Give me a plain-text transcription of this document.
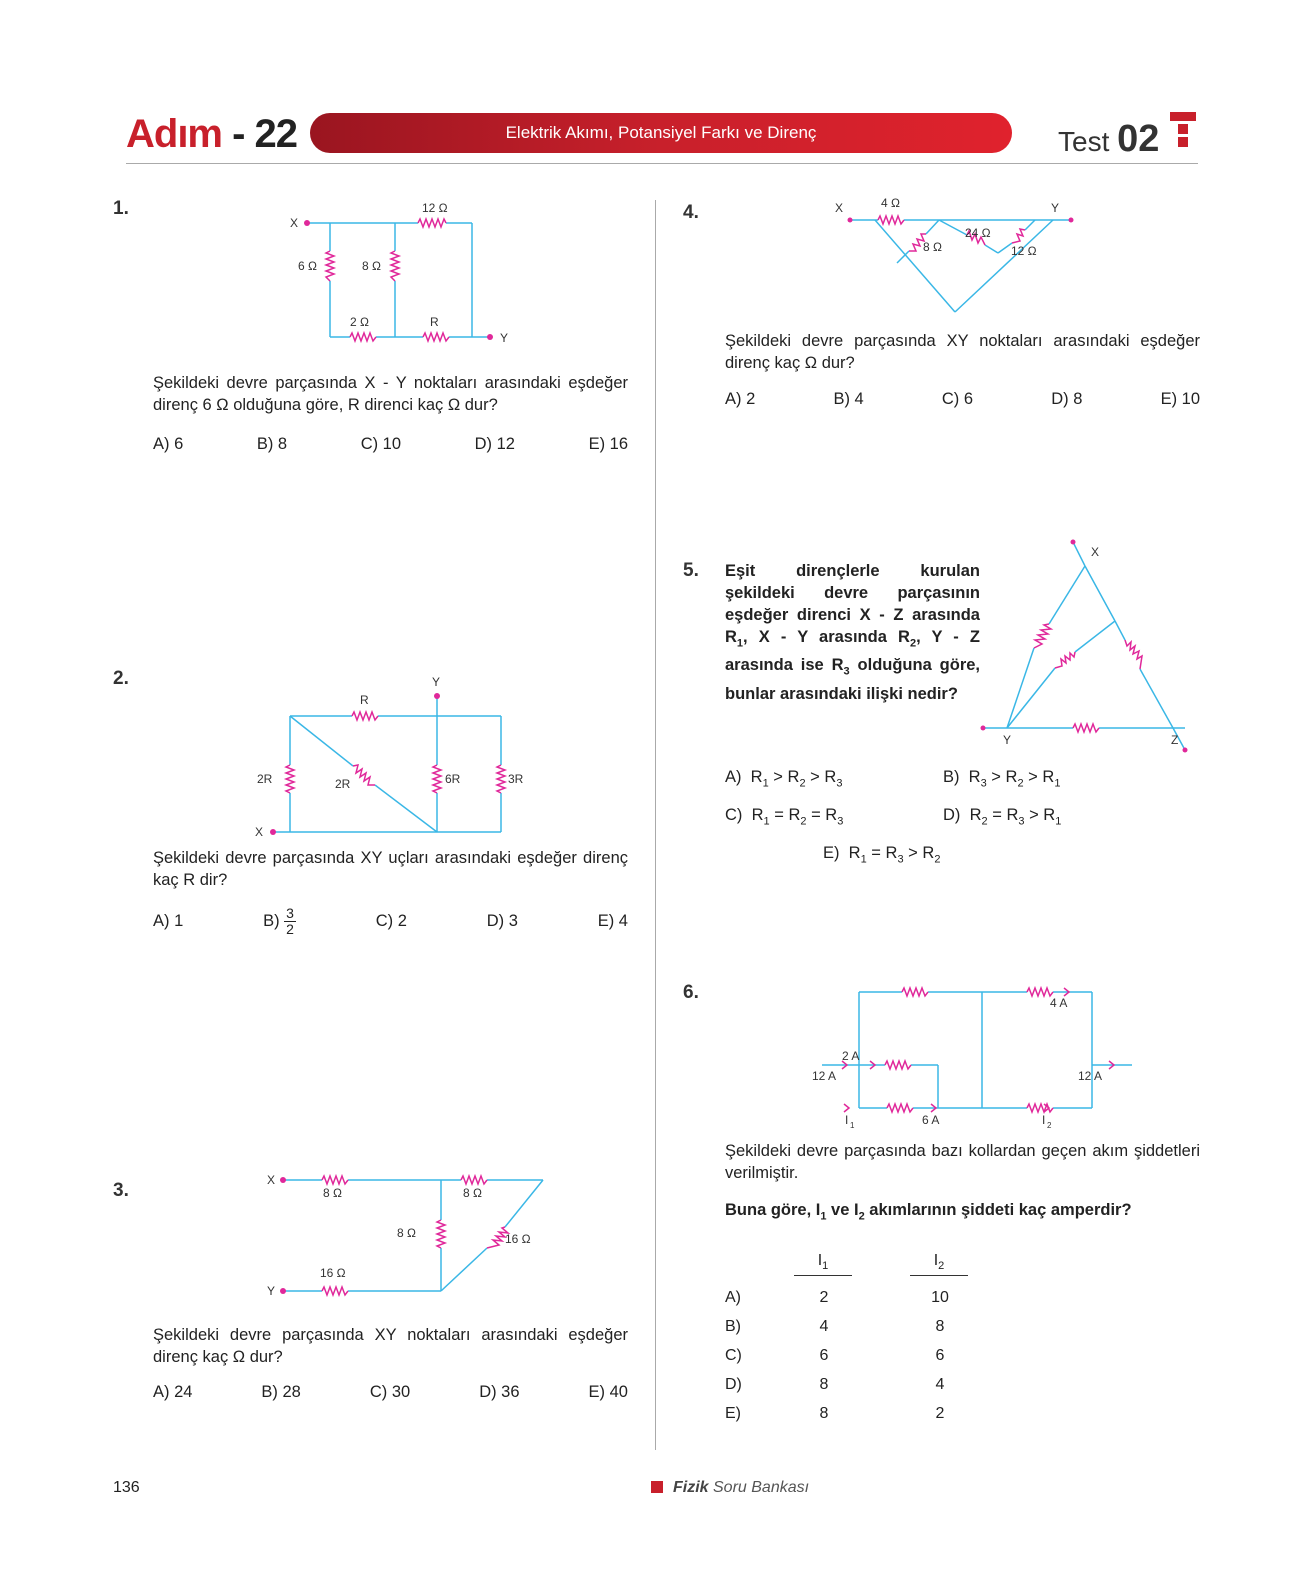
Adım - 22	Elektrik Akımı, Potansiyel Farkı ve Direnç	Test 02
1.
X
12 Ω
6 Ω	8 Ω
2 Ω	R
Y
Şekildeki devre parçasında X - Y noktaları arasındaki eşdeğer direnç 6 Ω olduğuna göre, R direnci kaç Ω dur?
A) 6	B) 8	C) 10	D) 12	E) 16
2.	Y
R
2R	2R	6R	3R
X
Şekildeki devre parçasında XY uçları arasındaki eşdeğer direnç kaç R dir?
A) 1	$B) \frac{3}{2}$	C) 2	D) 3	E) 4
3.	X
8 Ω	8 Ω
8 Ω	16 Ω
16 Ω
Y
Şekildeki devre parçasında XY noktaları arasındaki eşdeğer direnç kaç Ω dur?
A) 24	B) 28	C) 30	D) 36	E) 40
4.	X	4 Ω
8 Ω
24 Ω
12 Ω
Y
Şekildeki devre parçasında XY noktaları arasındaki eşdeğer direnç kaç Ω dur?
A) 2	B) 4	C) 6	D) 8	E) 10
5. Eşit dirençlerle kurulan şekildeki devre parçasının eşdeğer direnci X - Z arasında $R_1$, X - Y arasında $R_2$, Y - Z arasında ise $R_3$ olduğuna göre, bunlar arasındaki ilişki nedir?
X
Y	Z
A)  $R_1 > R_2 > R_3$	B)  $R_3 > R_2 > R_1$
C)  $R_1 = R_2 = R_3$	D)  $R_2 = R_3 > R_1$
E)  $R_1 = R_3 > R_2$
6.	4 A
2 A
12 A	12 A
I 1	6 A	I 2
Şekildeki devre parçasında bazı kollardan geçen akım şiddetleri verilmiştir.
Buna göre, $I_1$ ve $I_2$ akımlarının şiddeti kaç amperdir?
$I_1$	$I_2$
A)	2		10
B)	4		8
C)	6		6
D)	8		4
E)	8		2
136	Fizik Soru Bankası
